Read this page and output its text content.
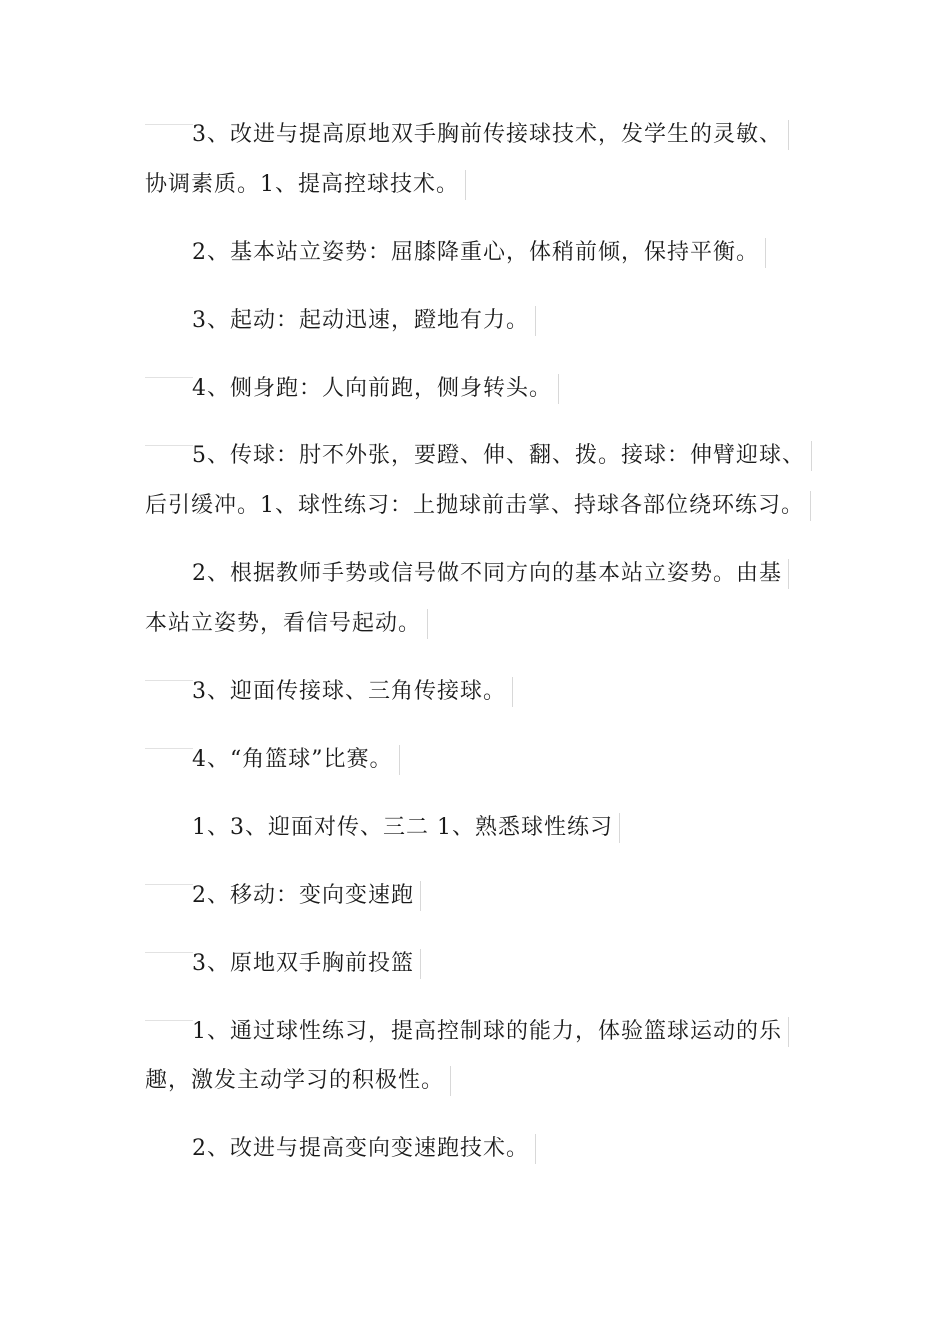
3、改进与提高原地双手胸前传接球技术，发学生的灵敏、
协调素质。1、提高控球技术。
2、基本站立姿势：屈膝降重心，体稍前倾，保持平衡。
3、起动：起动迅速，蹬地有力。
4、侧身跑：人向前跑，侧身转头。
5、传球：肘不外张，要蹬、伸、翻、拨。接球：伸臂迎球、
后引缓冲。1、球性练习：上抛球前击掌、持球各部位绕环练习。
2、根据教师手势或信号做不同方向的基本站立姿势。由基
本站立姿势，看信号起动。
3、迎面传接球、三角传接球。
4、“角篮球”比赛。
1、3、迎面对传、三二 1、熟悉球性练习
2、移动：变向变速跑
3、原地双手胸前投篮
1、通过球性练习，提高控制球的能力，体验篮球运动的乐
趣，激发主动学习的积极性。
2、改进与提高变向变速跑技术。
